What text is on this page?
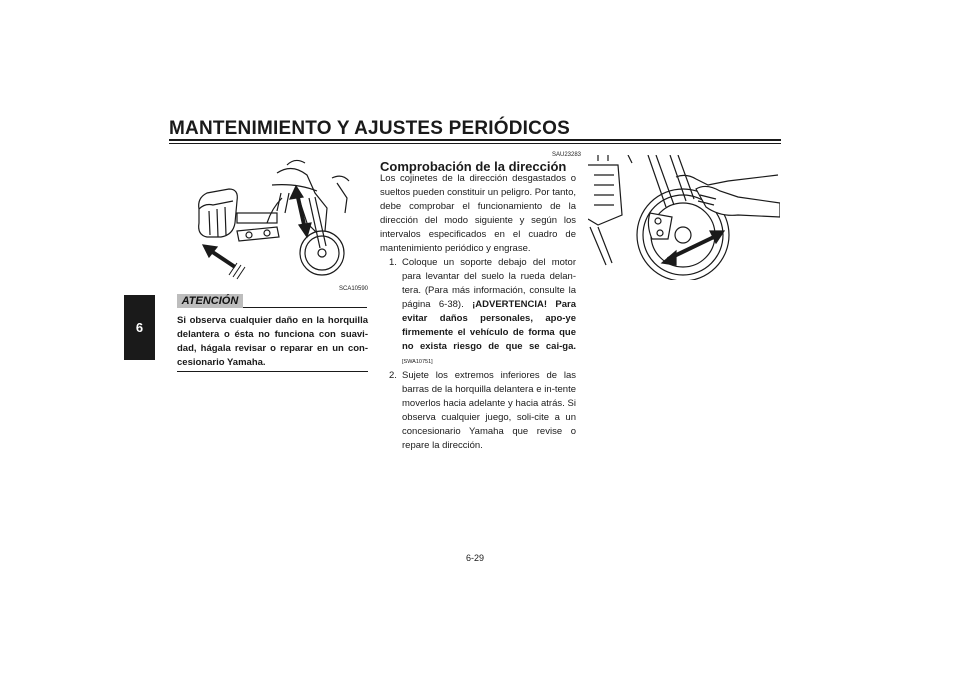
MANTENIMIENTO Y AJUSTES PERIÓDICOS
6
SCA10590
ATENCIÓN
Si observa cualquier daño en la horquilla delantera o ésta no funciona con suavi-dad, hágala revisar o reparar en un con-cesionario Yamaha.
SAU23283
Comprobación de la dirección

Los cojinetes de la dirección desgastados o sueltos pueden constituir un peligro. Por tanto, debe comprobar el funcionamiento de la dirección del modo siguiente y según los intervalos especificados en el cuadro de mantenimiento periódico y engrase.

1. Coloque un soporte debajo del motor para levantar del suelo la rueda delan-tera. (Para más información, consulte la página 6-38). ¡ADVERTENCIA! Para evitar daños personales, apo-ye firmemente el vehículo de forma que no exista riesgo de que se cai-ga. [SWA10751]
2. Sujete los extremos inferiores de las barras de la horquilla delantera e in-tente moverlos hacia adelante y hacia atrás. Si observa cualquier juego, soli-cite a un concesionario Yamaha que revise o repare la dirección.
6-29
